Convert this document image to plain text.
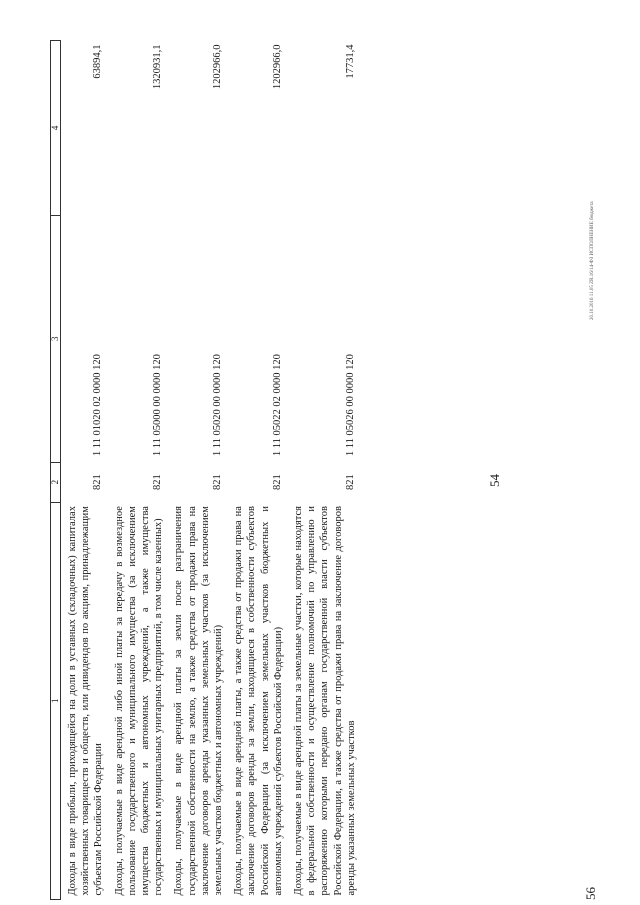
1	2	3	4
Доходы в виде прибыли, приходящейся на доли в уставных (складочных) капиталах хозяйственных товариществ и обществ, или дивидендов по акциям, принадлежащим субъектам Российской Федерации	821	1 11 01020 02 0000 120	63894,1
Доходы, получаемые в виде арендной либо иной платы за передачу в возмездное пользование государственного и муниципального имущества (за исключением имущества бюджетных и автономных учреждений, а также имущества государственных и муниципальных унитарных предприятий, в том числе казенных)	821	1 11 05000 00 0000 120	1320931,1
Доходы, получаемые в виде арендной платы за земли после разграничения государственной собственности на землю, а также средства от продажи права на заключение договоров аренды указанных земельных участков (за исключением земельных участков бюджетных и автономных учреждений)	821	1 11 05020 00 0000 120	1202966,0
Доходы, получаемые в виде арендной платы, а также средства от продажи права на заключение договоров аренды за земли, находящиеся в собственности субъектов Российской Федерации (за исключением земельных участков бюджетных и автономных учреждений субъектов Российской Федерации)	821	1 11 05022 02 0000 120	1202966,0
Доходы, получаемые в виде арендной платы за земельные участки, которые находятся в федеральной собственности и осуществление полномочий по управлению и распоряжению которыми передано органам государственной власти субъектов Российской Федерации, а также средства от продажи права на заключение договоров аренды указанных земельных участков	821	1 11 05026 00 0000 120	17731,4
54
56
20.10.2016 11.05 ZR.16/14-ФЗ ИСПОЛНЕНИЕ бюджета
